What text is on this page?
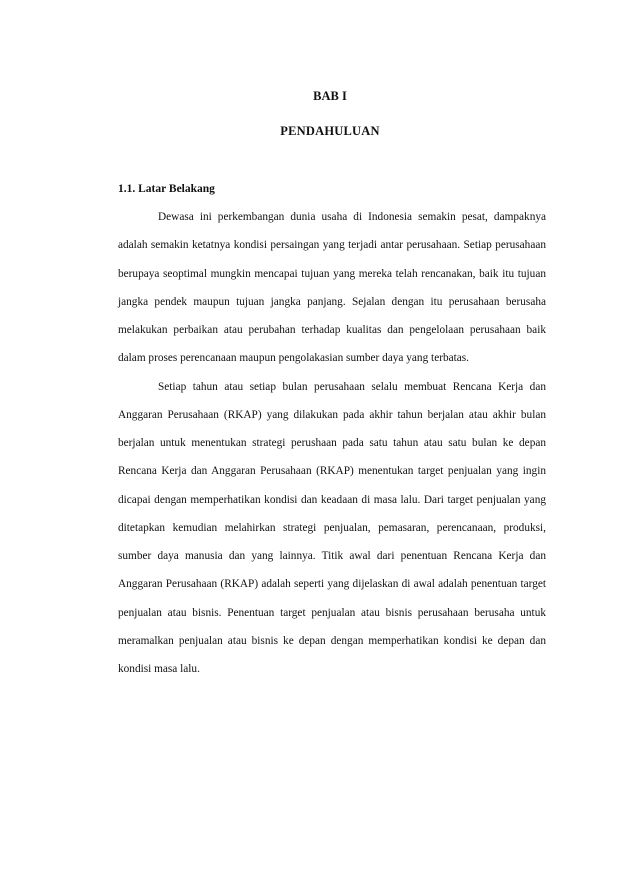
BAB I
PENDAHULUAN
1.1. Latar Belakang

Dewasa ini perkembangan dunia usaha di Indonesia semakin pesat, dampaknya adalah semakin ketatnya kondisi persaingan yang terjadi antar perusahaan. Setiap perusahaan berupaya seoptimal mungkin mencapai tujuan yang mereka telah rencanakan, baik itu tujuan jangka pendek maupun tujuan jangka panjang. Sejalan dengan itu perusahaan berusaha melakukan perbaikan atau perubahan terhadap kualitas dan pengelolaan perusahaan baik dalam proses perencanaan maupun pengolakasian sumber daya yang terbatas.

Setiap tahun atau setiap bulan perusahaan selalu membuat Rencana Kerja dan Anggaran Perusahaan (RKAP) yang dilakukan pada akhir tahun berjalan atau akhir bulan berjalan untuk menentukan strategi perushaan pada satu tahun atau satu bulan ke depan Rencana Kerja dan Anggaran Perusahaan (RKAP) menentukan target penjualan yang ingin dicapai dengan memperhatikan kondisi dan keadaan di masa lalu. Dari target penjualan yang ditetapkan kemudian melahirkan strategi penjualan, pemasaran, perencanaan, produksi, sumber daya manusia dan yang lainnya. Titik awal dari penentuan Rencana Kerja dan Anggaran Perusahaan (RKAP) adalah seperti yang dijelaskan di awal adalah penentuan target penjualan atau bisnis. Penentuan target penjualan atau bisnis perusahaan berusaha untuk meramalkan penjualan atau bisnis ke depan dengan memperhatikan kondisi ke depan dan kondisi masa lalu.
